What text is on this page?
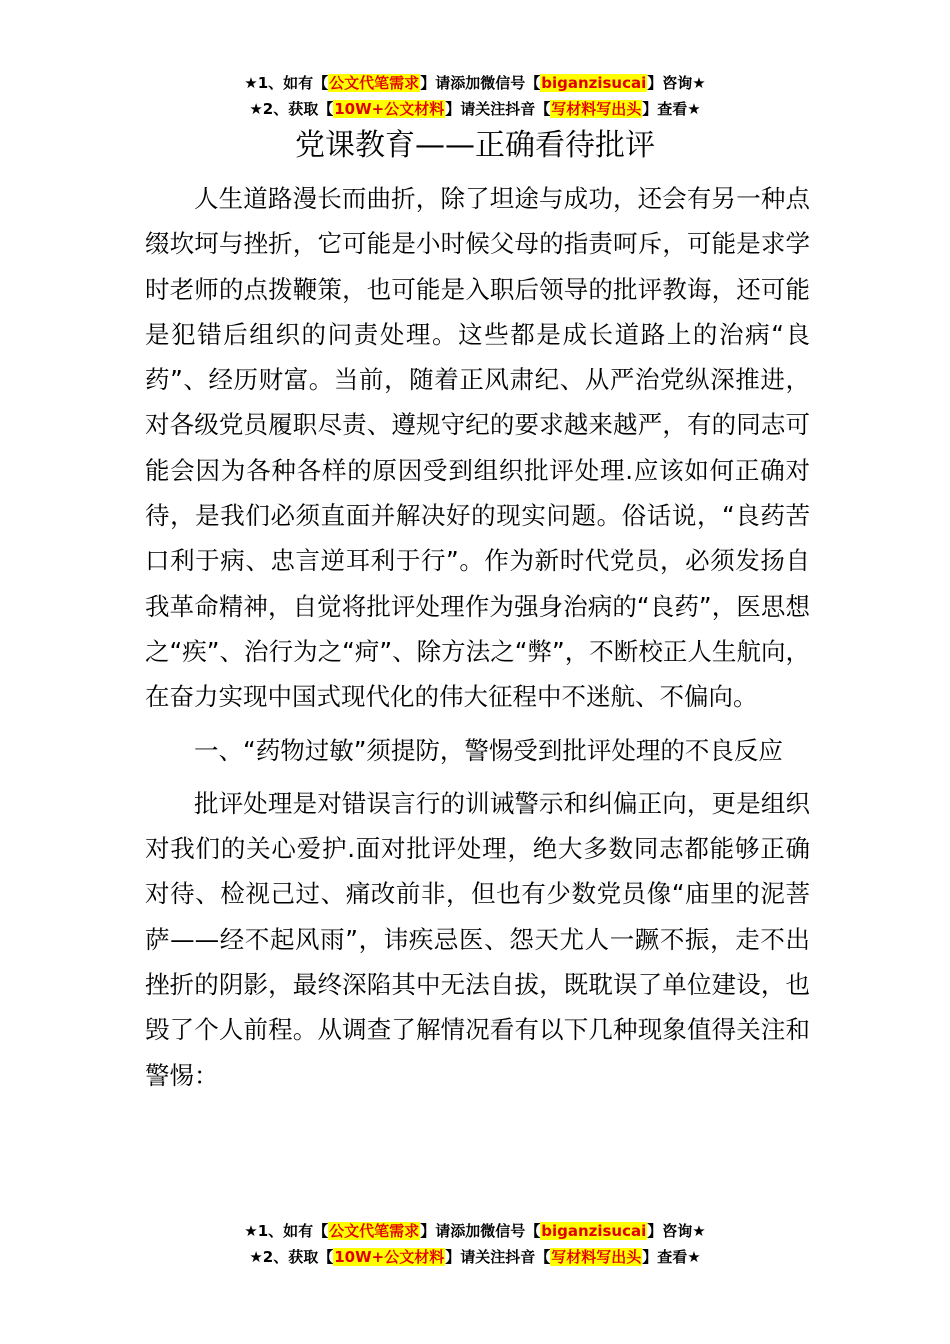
★1、如有【公文代笔需求】请添加微信号【biganzisucai】咨询★
★2、获取【10W+公文材料】请关注抖音【写材料写出头】查看★
党课教育——正确看待批评

人生道路漫长而曲折，除了坦途与成功，还会有另一种点缀坎坷与挫折，它可能是小时候父母的指责呵斥，可能是求学时老师的点拨鞭策，也可能是入职后领导的批评教诲，还可能是犯错后组织的问责处理。这些都是成长道路上的治病“良药”、经历财富。当前，随着正风肃纪、从严治党纵深推进，对各级党员履职尽责、遵规守纪的要求越来越严，有的同志可能会因为各种各样的原因受到组织批评处理.应该如何正确对待，是我们必须直面并解决好的现实问题。俗话说，“良药苦口利于病、忠言逆耳利于行”。作为新时代党员，必须发扬自我革命精神，自觉将批评处理作为强身治病的“良药”，医思想之“疾”、治行为之“疴”、除方法之“弊”，不断校正人生航向，在奋力实现中国式现代化的伟大征程中不迷航、不偏向。

一、“药物过敏”须提防，警惕受到批评处理的不良反应

批评处理是对错误言行的训诫警示和纠偏正向，更是组织对我们的关心爱护.面对批评处理，绝大多数同志都能够正确对待、检视己过、痛改前非，但也有少数党员像“庙里的泥菩萨——经不起风雨”，讳疾忌医、怨天尤人一蹶不振，走不出挫折的阴影，最终深陷其中无法自拔，既耽误了单位建设，也毁了个人前程。从调查了解情况看有以下几种现象值得关注和警惕：

★1、如有【公文代笔需求】请添加微信号【biganzisucai】咨询★
★2、获取【10W+公文材料】请关注抖音【写材料写出头】查看★
